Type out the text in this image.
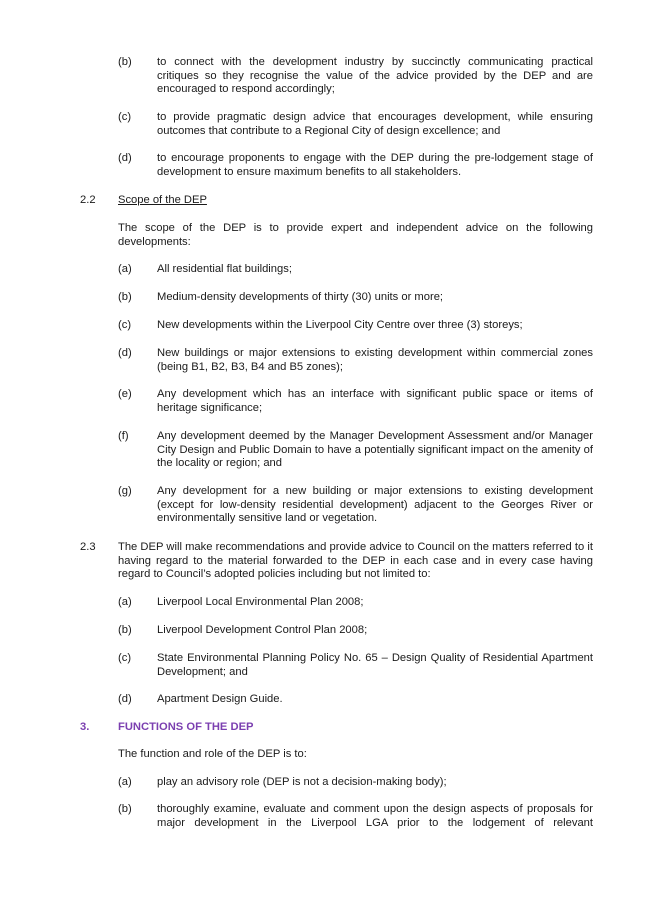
(b) to connect with the development industry by succinctly communicating practical critiques so they recognise the value of the advice provided by the DEP and are encouraged to respond accordingly;
(c) to provide pragmatic design advice that encourages development, while ensuring outcomes that contribute to a Regional City of design excellence; and
(d) to encourage proponents to engage with the DEP during the pre-lodgement stage of development to ensure maximum benefits to all stakeholders.
2.2 Scope of the DEP
The scope of the DEP is to provide expert and independent advice on the following developments:
(a) All residential flat buildings;
(b) Medium-density developments of thirty (30) units or more;
(c) New developments within the Liverpool City Centre over three (3) storeys;
(d) New buildings or major extensions to existing development within commercial zones (being B1, B2, B3, B4 and B5 zones);
(e) Any development which has an interface with significant public space or items of heritage significance;
(f)	Any development deemed by the Manager Development Assessment and/or Manager City Design and Public Domain to have a potentially significant impact on the amenity of the locality or region; and
(g) Any development for a new building or major extensions to existing development (except for low-density residential development) adjacent to the Georges River or environmentally sensitive land or vegetation.
2.3 The DEP will make recommendations and provide advice to Council on the matters referred to it having regard to the material forwarded to the DEP in each case and in every case having regard to Council’s adopted policies including but not limited to:
(a) Liverpool Local Environmental Plan 2008;
(b) Liverpool Development Control Plan 2008;
(c) State Environmental Planning Policy No. 65 – Design Quality of Residential Apartment Development; and
(d) Apartment Design Guide.
3.	FUNCTIONS OF THE DEP
The function and role of the DEP is to:
(a) play an advisory role (DEP is not a decision-making body);
(b) thoroughly examine, evaluate and comment upon the design aspects of proposals for major development in the Liverpool LGA prior to the lodgement of relevant
